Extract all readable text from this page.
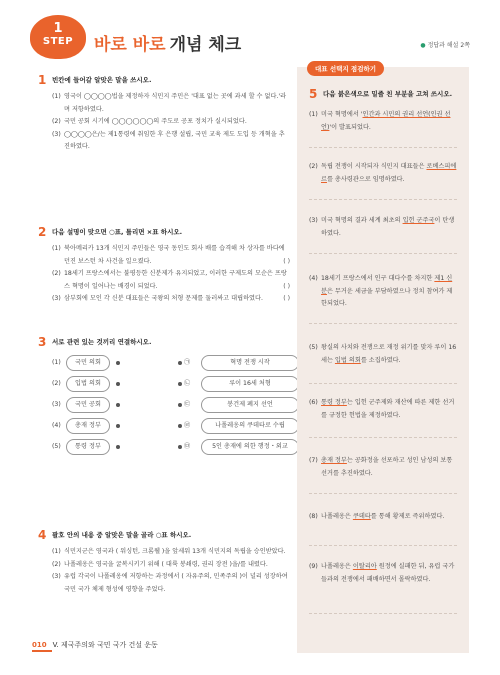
1
STEP	바로 바로 개념 체크	● 정답과 해설 2쪽
1 빈칸에 들어갈 알맞은 말을 쓰시오.
(1) 영국이 ◯◯◯◯법을 제정하자 식민지 주민은 '대표 없는 곳에 과세 할 수 없다.'라며 저항하였다.
(2) 국민 공회 시기에 ◯◯◯◯◯◯의 주도로 공포 정치가 실시되었다.
(3) ◯◯◯◯은/는 제1통령에 취임한 후 은행 설립, 국민 교육 제도 도입 등 개혁을 추진하였다.
2 다음 설명이 맞으면 ○표, 틀리면 ×표 하시오.
(1) 북아메리카 13개 식민지 주민들은 영국 동인도 회사 배를 습격해 차 상자를 바다에 던진 보스턴 차 사건을 일으켰다.	( )
(2) 18세기 프랑스에서는 불평등한 신분제가 유지되었고, 이러한 구제도의 모순은 프랑스 혁명이 일어나는 배경이 되었다.	( )
(3) 삼부회에 모인 각 신분 대표들은 국왕의 처형 문제를 둘러싸고 대립하였다.	( )
3 서로 관련 있는 것끼리 연결하시오.
(1)	국민 의회	㉠	혁명 전쟁 시작
(2)	입법 의회	㉡	루이 16세 처형
(3)	국민 공회	㉢	봉건제 폐지 선언
(4)	총재 정부	㉣	나폴레옹의 쿠데타로 수립
(5)	통령 정부	㉤	5인 총재에 의한 행정・외교
4 괄호 안의 내용 중 알맞은 말을 골라 ○표 하시오.
(1) 식민지군은 영국과 ( 워싱턴, 크롬웰 )을 앞세워 13개 식민지의 독립을 승인받았다.
(2) 나폴레옹은 영국을 굴복시키기 위해 ( 대륙 봉쇄령, 권리 장전 )을/를 내렸다.
(3) 유럽 각국이 나폴레옹에 저항하는 과정에서 ( 자유주의, 민족주의 )이 널리 성장하여 국민 국가 체제 형성에 영향을 주었다.
대표 선택지 점검하기
5 다음 붉은색으로 밑줄 친 부분을 고쳐 쓰시오.
(1) 미국 혁명에서 '인간과 시민의 권리 선언(인권 선언)'이 발표되었다.
(2) 독립 전쟁이 시작되자 식민지 대표들은 로베스피에르를 총사령관으로 임명하였다.
(3) 미국 혁명의 결과 세계 최초의 입헌 군주국이 탄생하였다.
(4) 18세기 프랑스에서 인구 대다수를 차지한 제1 신분은 무거운 세금을 부담하였으나 정치 참여가 제한되었다.
(5) 왕실의 사치와 전쟁으로 재정 위기를 맞자 루이 16세는 입법 의회를 소집하였다.
(6) 통령 정부는 입헌 군주제와 재산에 따른 제한 선거를 규정한 헌법을 제정하였다.
(7) 총재 정부는 공화정을 선포하고 성인 남성의 보통 선거를 추진하였다.
(8) 나폴레옹은 쿠데타를 통해 황제로 즉위하였다.
(9) 나폴레옹은 이탈리아 원정에 실패한 뒤, 유럽 국가들과의 전쟁에서 패배하면서 몰락하였다.
010 V. 제국주의와 국민 국가 건설 운동
